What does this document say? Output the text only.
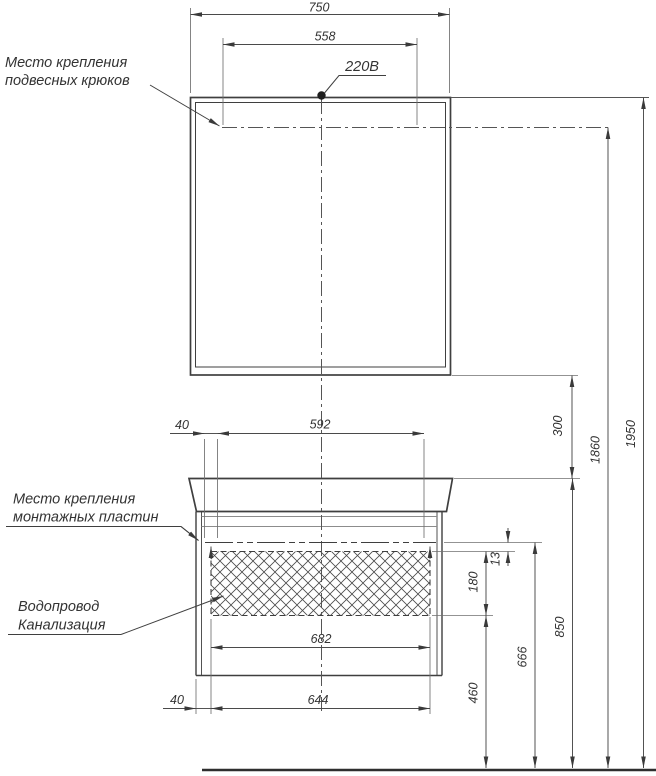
750
558
40	592
682
644
40
300
1860
1950
13
180
850
666
460
Место крепления
подвесных крюков
220В
Место крепления
монтажных пластин
Водопровод
Канализация
